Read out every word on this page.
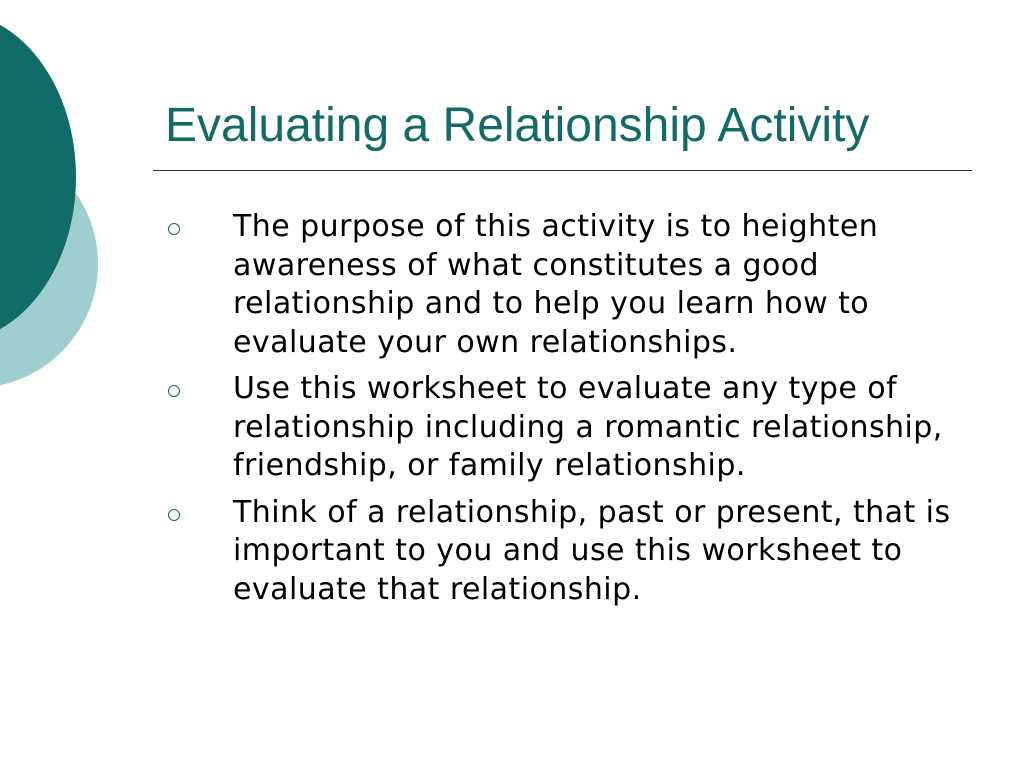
Evaluating a Relationship Activity
The purpose of this activity is to heighten awareness of what constitutes a good relationship and to help you learn how to evaluate your own relationships.
Use this worksheet to evaluate any type of relationship including a romantic relationship, friendship, or family relationship.
Think of a relationship, past or present, that is important to you and use this worksheet to evaluate that relationship.
